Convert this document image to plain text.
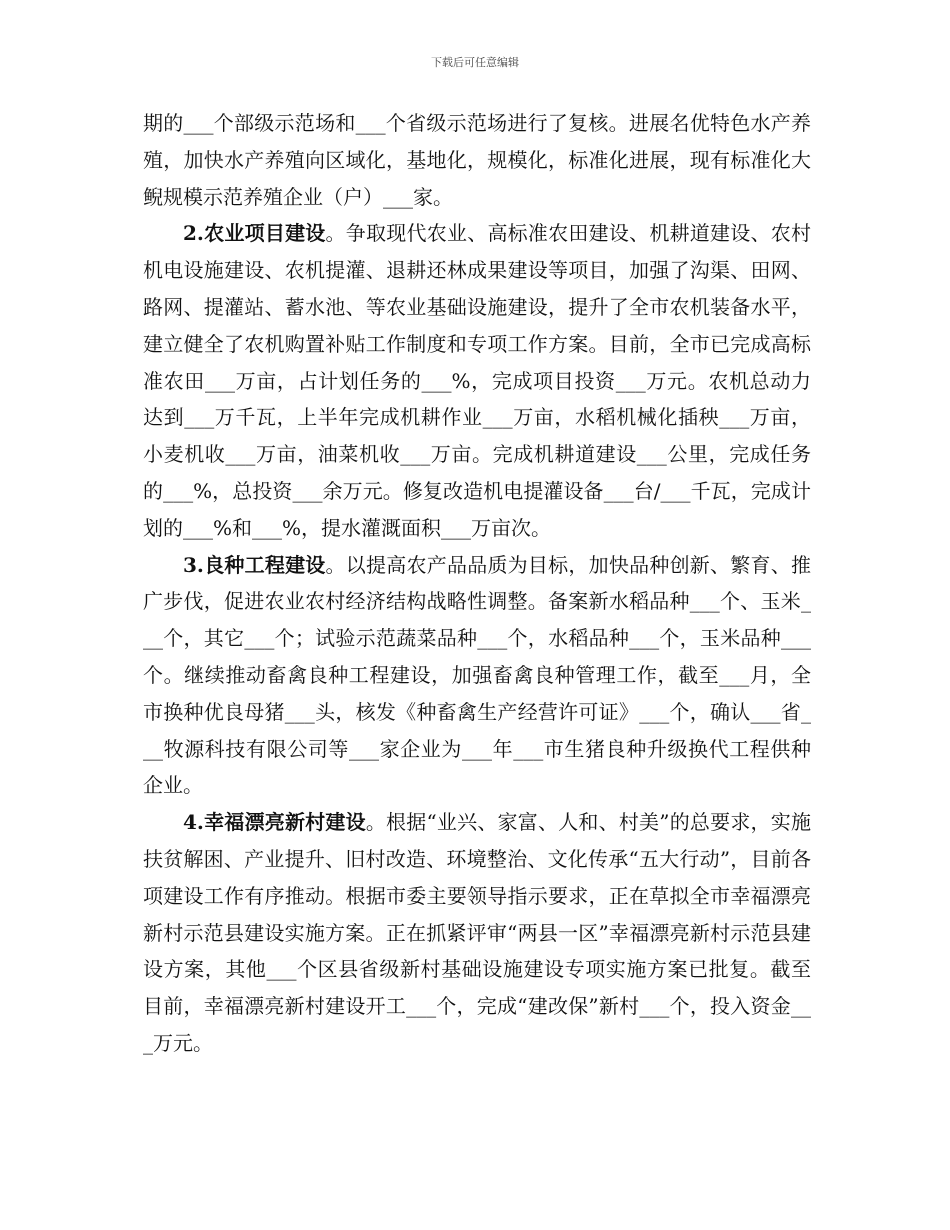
下载后可任意编辑

期的___个部级示范场和___个省级示范场进行了复核。进展名优特色水产养殖，加快水产养殖向区域化，基地化，规模化，标准化进展，现有标准化大鲵规模示范养殖企业（户）___家。

2.农业项目建设。争取现代农业、高标准农田建设、机耕道建设、农村机电设施建设、农机提灌、退耕还林成果建设等项目，加强了沟渠、田网、路网、提灌站、蓄水池、等农业基础设施建设，提升了全市农机装备水平，建立健全了农机购置补贴工作制度和专项工作方案。目前，全市已完成高标准农田___万亩，占计划任务的___%，完成项目投资___万元。农机总动力达到___万千瓦，上半年完成机耕作业___万亩，水稻机械化插秧___万亩，小麦机收___万亩，油菜机收___万亩。完成机耕道建设___公里，完成任务的___%，总投资___余万元。修复改造机电提灌设备___台/___千瓦，完成计划的___%和___%，提水灌溉面积___万亩次。

3.良种工程建设。以提高农产品品质为目标，加快品种创新、繁育、推广步伐，促进农业农村经济结构战略性调整。备案新水稻品种___个、玉米___个，其它___个；试验示范蔬菜品种___个，水稻品种___个，玉米品种___个。继续推动畜禽良种工程建设，加强畜禽良种管理工作，截至___月，全市换种优良母猪___头，核发《种畜禽生产经营许可证》___个，确认___省___牧源科技有限公司等___家企业为___年___市生猪良种升级换代工程供种企业。

4.幸福漂亮新村建设。根据“业兴、家富、人和、村美”的总要求，实施扶贫解困、产业提升、旧村改造、环境整治、文化传承“五大行动”，目前各项建设工作有序推动。根据市委主要领导指示要求，正在草拟全市幸福漂亮新村示范县建设实施方案。正在抓紧评审“两县一区”幸福漂亮新村示范县建设方案，其他___个区县省级新村基础设施建设专项实施方案已批复。截至目前，幸福漂亮新村建设开工___个，完成“建改保”新村___个，投入资金___万元。
